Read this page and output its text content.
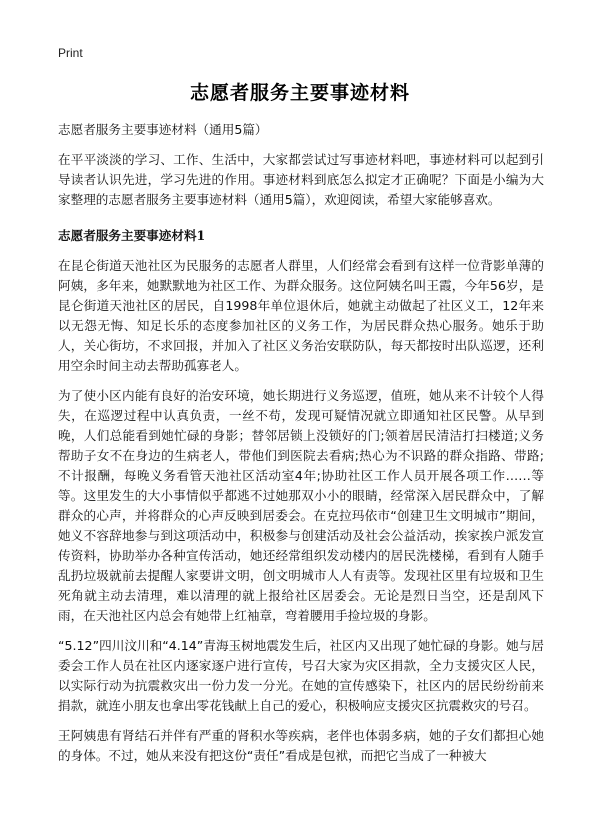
Print
志愿者服务主要事迹材料

志愿者服务主要事迹材料（通用5篇）

在平平淡淡的学习、工作、生活中，大家都尝试过写事迹材料吧，事迹材料可以起到引导读者认识先进，学习先进的作用。事迹材料到底怎么拟定才正确呢？下面是小编为大家整理的志愿者服务主要事迹材料（通用5篇），欢迎阅读，希望大家能够喜欢。

志愿者服务主要事迹材料1

在昆仑街道天池社区为民服务的志愿者人群里，人们经常会看到有这样一位背影单薄的阿姨，多年来，她默默地为社区工作、为群众服务。这位阿姨名叫王霞，今年56岁，是昆仑街道天池社区的居民，自1998年单位退休后，她就主动做起了社区义工，12年来以无怨无悔、知足长乐的态度参加社区的义务工作，为居民群众热心服务。她乐于助人，关心街坊，不求回报，并加入了社区义务治安联防队，每天都按时出队巡逻，还利用空余时间主动去帮助孤寡老人。

为了使小区内能有良好的治安环境，她长期进行义务巡逻，值班，她从来不计较个人得失，在巡逻过程中认真负责，一丝不苟，发现可疑情况就立即通知社区民警。从早到晚，人们总能看到她忙碌的身影；替邻居锁上没锁好的门;领着居民清洁打扫楼道;义务帮助子女不在身边的生病老人，带他们到医院去看病;热心为不识路的群众指路、带路;不计报酬，每晚义务看管天池社区活动室4年;协助社区工作人员开展各项工作……等等。这里发生的大小事情似乎都逃不过她那双小小的眼睛，经常深入居民群众中，了解群众的心声，并将群众的心声反映到居委会。在克拉玛依市“创建卫生文明城市”期间，她义不容辞地参与到这项活动中，积极参与创建活动及社会公益活动，挨家挨户派发宣传资料，协助举办各种宣传活动，她还经常组织发动楼内的居民洗楼梯，看到有人随手乱扔垃圾就前去提醒人家要讲文明，创文明城市人人有责等。发现社区里有垃圾和卫生死角就主动去清理，难以清理的就上报给社区居委会。无论是烈日当空，还是刮风下雨，在天池社区内总会有她带上红袖章，弯着腰用手捡垃圾的身影。

“5.12”四川汶川和“4.14”青海玉树地震发生后，社区内又出现了她忙碌的身影。她与居委会工作人员在社区内逐家逐户进行宣传，号召大家为灾区捐款，全力支援灾区人民，以实际行动为抗震救灾出一份力发一分光。在她的宣传感染下，社区内的居民纷纷前来捐款，就连小朋友也拿出零花钱献上自己的爱心，积极响应支援灾区抗震救灾的号召。

王阿姨患有肾结石并伴有严重的肾积水等疾病，老伴也体弱多病，她的子女们都担心她的身体。不过，她从来没有把这份“责任”看成是包袱，而把它当成了一种被大
